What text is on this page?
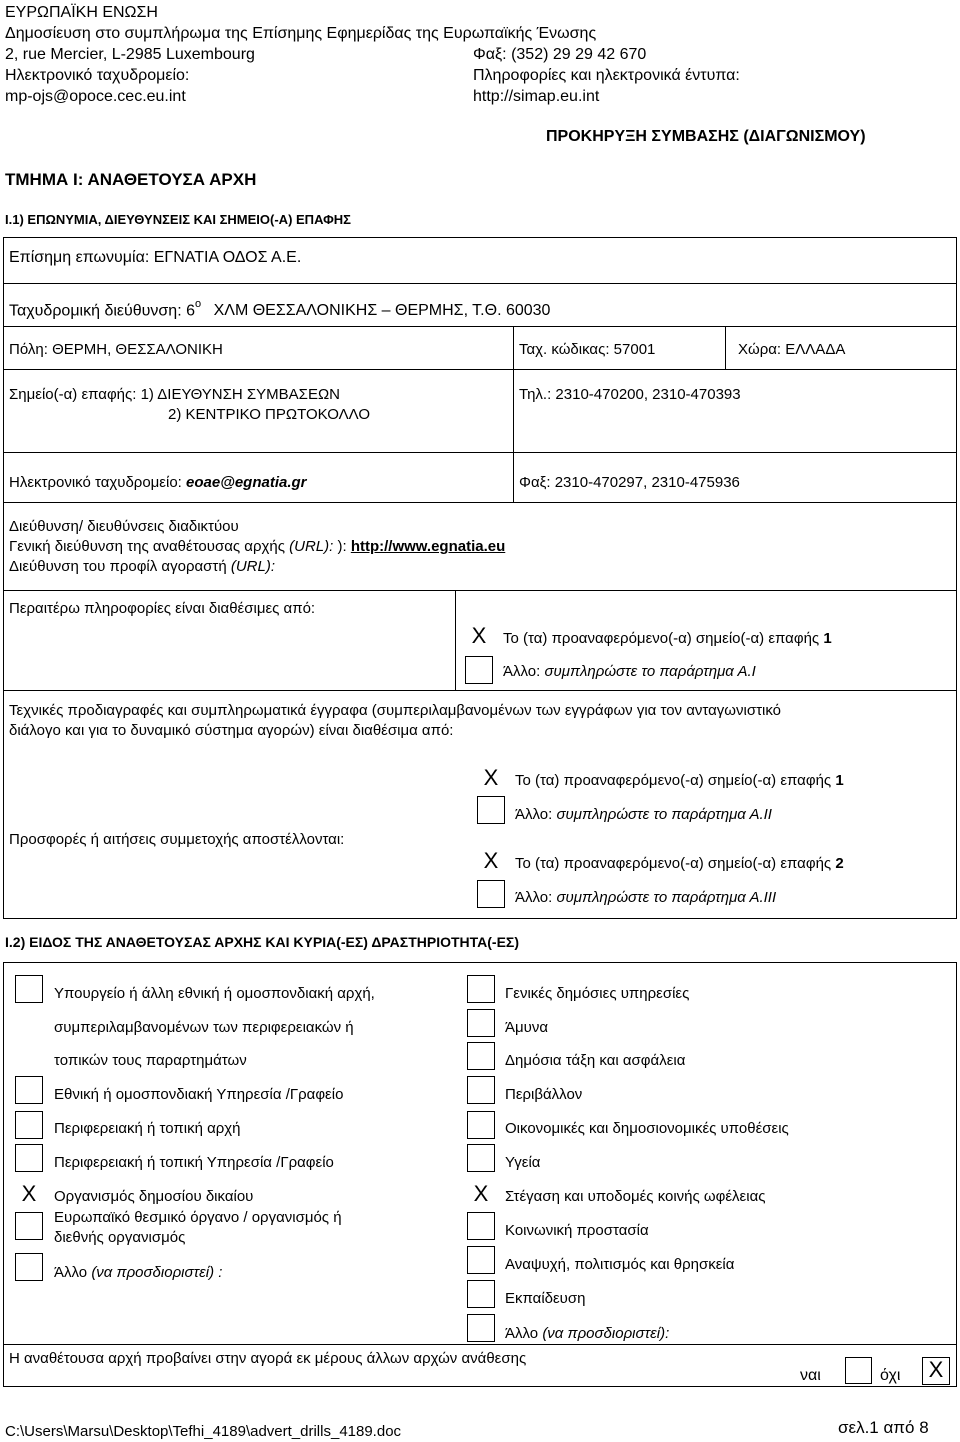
ΕΥΡΩΠΑΪΚΗ ΕΝΩΣΗ
Δημοσίευση στο συμπλήρωμα της Επίσημης Εφημερίδας της Ευρωπαϊκής Ένωσης
2, rue Mercier, L-2985 Luxembourg	Φαξ: (352) 29 29 42 670
Ηλεκτρονικό ταχυδρομείο:	Πληροφορίες και ηλεκτρονικά έντυπα:
mp-ojs@opoce.cec.eu.int	http://simap.eu.int
ΠΡΟΚΗΡΥΞΗ ΣΥΜΒΑΣΗΣ (ΔΙΑΓΩΝΙΣΜΟΥ)
ΤΜΗΜΑ Ι: ΑΝΑΘΕΤΟΥΣΑ ΑΡΧΗ
Ι.1) ΕΠΩΝΥΜΙΑ, ΔΙΕΥΘΥΝΣΕΙΣ ΚΑΙ ΣΗΜΕΙΟ(-Α) ΕΠΑΦΗΣ
Επίσημη επωνυμία: ΕΓΝΑΤΙΑ ΟΔΟΣ Α.Ε.
Ταχυδρομική διεύθυνση: $6^o$ ΧΛΜ ΘΕΣΣΑΛΟΝΙΚΗΣ – ΘΕΡΜΗΣ, Τ.Θ. 60030
Πόλη: ΘΕΡΜΗ, ΘΕΣΣΑΛΟΝΙΚΗ	Ταχ. κώδικας: 57001	Χώρα: ΕΛΛΑΔΑ
Σημείο(-α) επαφής: 1) ΔΙΕΥΘΥΝΣΗ ΣΥΜΒΑΣΕΩΝ
2) ΚΕΝΤΡΙΚΟ ΠΡΩΤΟΚΟΛΛΟ
Τηλ.: 2310-470200, 2310-470393
Ηλεκτρονικό ταχυδρομείο: eoae@egnatia.gr	Φαξ: 2310-470297, 2310-475936
Διεύθυνση/ διευθύνσεις διαδικτύου
Γενική διεύθυνση της αναθέτουσας αρχής (URL): ): http://www.egnatia.eu
Διεύθυνση του προφίλ αγοραστή (URL):
Περαιτέρω πληροφορίες είναι διαθέσιμες από:
X	Το (τα) προαναφερόμενο(-α) σημείο(-α) επαφής 1
Άλλο: συμπληρώστε το παράρτημα Α.Ι
Τεχνικές προδιαγραφές και συμπληρωματικά έγγραφα (συμπεριλαμβανομένων των εγγράφων για τον ανταγωνιστικό
διάλογο και για το δυναμικό σύστημα αγορών) είναι διαθέσιμα από:
X	Το (τα) προαναφερόμενο(-α) σημείο(-α) επαφής 1
Άλλο: συμπληρώστε το παράρτημα Α.ΙΙ
Προσφορές ή αιτήσεις συμμετοχής αποστέλλονται:
X	Το (τα) προαναφερόμενο(-α) σημείο(-α) επαφής 2
Άλλο: συμπληρώστε το παράρτημα Α.ΙΙΙ
Ι.2) ΕΙΔΟΣ ΤΗΣ ΑΝΑΘΕΤΟΥΣΑΣ ΑΡΧΗΣ ΚΑΙ ΚΥΡΙΑ(-ΕΣ) ΔΡΑΣΤΗΡΙΟΤΗΤΑ(-ΕΣ)
Υπουργείο ή άλλη εθνική ή ομοσπονδιακή αρχή,
συμπεριλαμβανομένων των περιφερειακών ή
τοπικών τους παραρτημάτων
Εθνική ή ομοσπονδιακή Υπηρεσία /Γραφείο
Περιφερειακή ή τοπική αρχή
Περιφερειακή ή τοπική Υπηρεσία /Γραφείο
X	Οργανισμός δημοσίου δικαίου
Ευρωπαϊκό θεσμικό όργανο / οργανισμός ή
διεθνής οργανισμός
Άλλο (να προσδιοριστεί) :
Γενικές δημόσιες υπηρεσίες
Άμυνα
Δημόσια τάξη και ασφάλεια
Περιβάλλον
Οικονομικές και δημοσιονομικές υποθέσεις
Υγεία
X	Στέγαση και υποδομές κοινής ωφέλειας
Κοινωνική προστασία
Αναψυχή, πολιτισμός και θρησκεία
Εκπαίδευση
Άλλο (να προσδιοριστεί):
Η αναθέτουσα αρχή προβαίνει στην αγορά εκ μέρους άλλων αρχών ανάθεσης
ναι	όχι	X
C:\Users\Marsu\Desktop\Tefhi_4189\advert_drills_4189.doc	σελ.1 από 8
